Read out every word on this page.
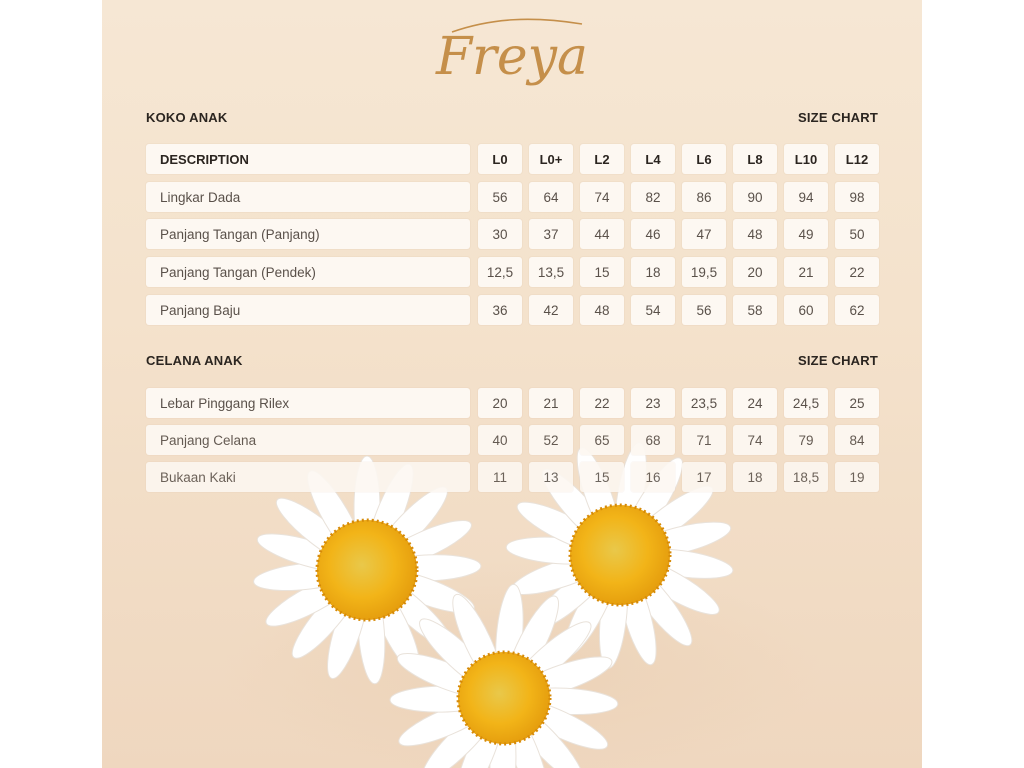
Freya
KOKO ANAK	SIZE CHART
DESCRIPTION	L0	L0+	L2	L4	L6	L8	L10	L12
Lingkar Dada	56	64	74	82	86	90	94	98
Panjang Tangan (Panjang)	30	37	44	46	47	48	49	50
Panjang Tangan (Pendek)	12,5	13,5	15	18	19,5	20	21	22
Panjang Baju	36	42	48	54	56	58	60	62
CELANA ANAK	SIZE CHART
Lebar Pinggang Rilex	20	21	22	23	23,5	24	24,5	25
Panjang Celana	40	52	65	68	71	74	79	84
Bukaan Kaki	11	13	15	16	17	18	18,5	19
